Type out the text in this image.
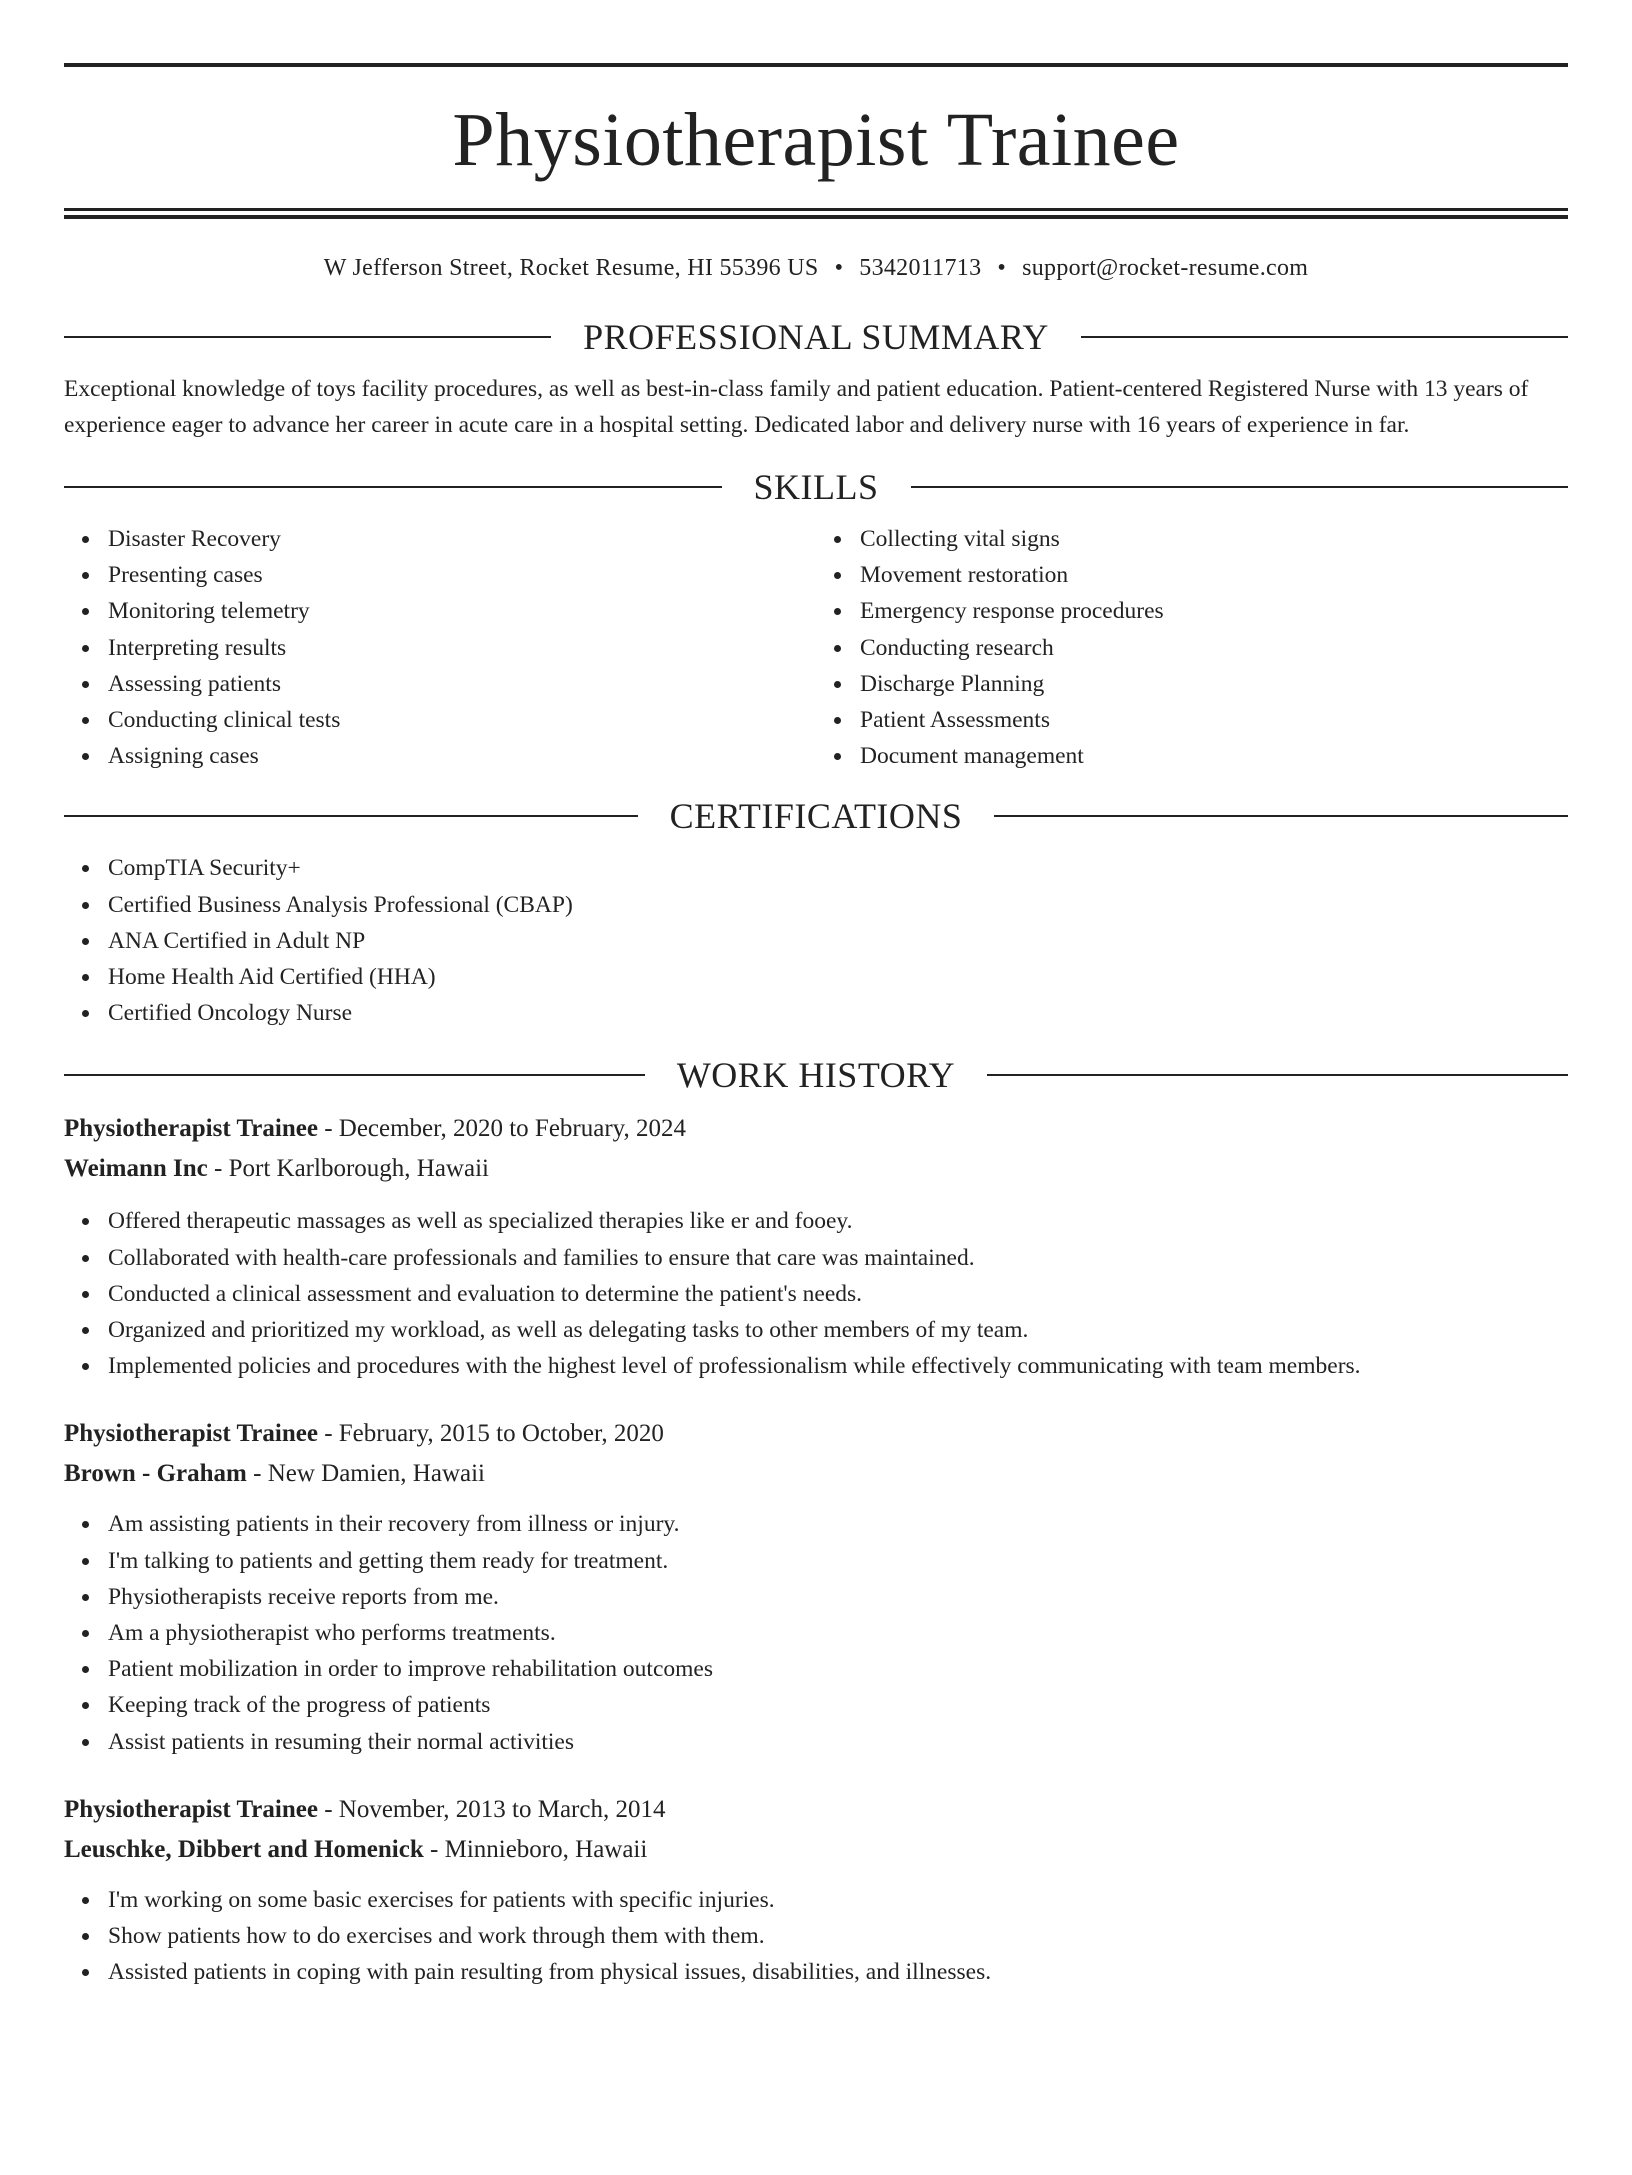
Physiotherapist Trainee
W Jefferson Street, Rocket Resume, HI 55396 US • 5342011713 • support@rocket-resume.com
PROFESSIONAL SUMMARY
Exceptional knowledge of toys facility procedures, as well as best-in-class family and patient education. Patient-centered Registered Nurse with 13 years of experience eager to advance her career in acute care in a hospital setting. Dedicated labor and delivery nurse with 16 years of experience in far.
SKILLS
Disaster Recovery
Presenting cases
Monitoring telemetry
Interpreting results
Assessing patients
Conducting clinical tests
Assigning cases
Collecting vital signs
Movement restoration
Emergency response procedures
Conducting research
Discharge Planning
Patient Assessments
Document management
CERTIFICATIONS
CompTIA Security+
Certified Business Analysis Professional (CBAP)
ANA Certified in Adult NP
Home Health Aid Certified (HHA)
Certified Oncology Nurse
WORK HISTORY
Physiotherapist Trainee - December, 2020 to February, 2024
Weimann Inc - Port Karlborough, Hawaii
Offered therapeutic massages as well as specialized therapies like er and fooey.
Collaborated with health-care professionals and families to ensure that care was maintained.
Conducted a clinical assessment and evaluation to determine the patient's needs.
Organized and prioritized my workload, as well as delegating tasks to other members of my team.
Implemented policies and procedures with the highest level of professionalism while effectively communicating with team members.
Physiotherapist Trainee - February, 2015 to October, 2020
Brown - Graham - New Damien, Hawaii
Am assisting patients in their recovery from illness or injury.
I'm talking to patients and getting them ready for treatment.
Physiotherapists receive reports from me.
Am a physiotherapist who performs treatments.
Patient mobilization in order to improve rehabilitation outcomes
Keeping track of the progress of patients
Assist patients in resuming their normal activities
Physiotherapist Trainee - November, 2013 to March, 2014
Leuschke, Dibbert and Homenick - Minnieboro, Hawaii
I'm working on some basic exercises for patients with specific injuries.
Show patients how to do exercises and work through them with them.
Assisted patients in coping with pain resulting from physical issues, disabilities, and illnesses.
